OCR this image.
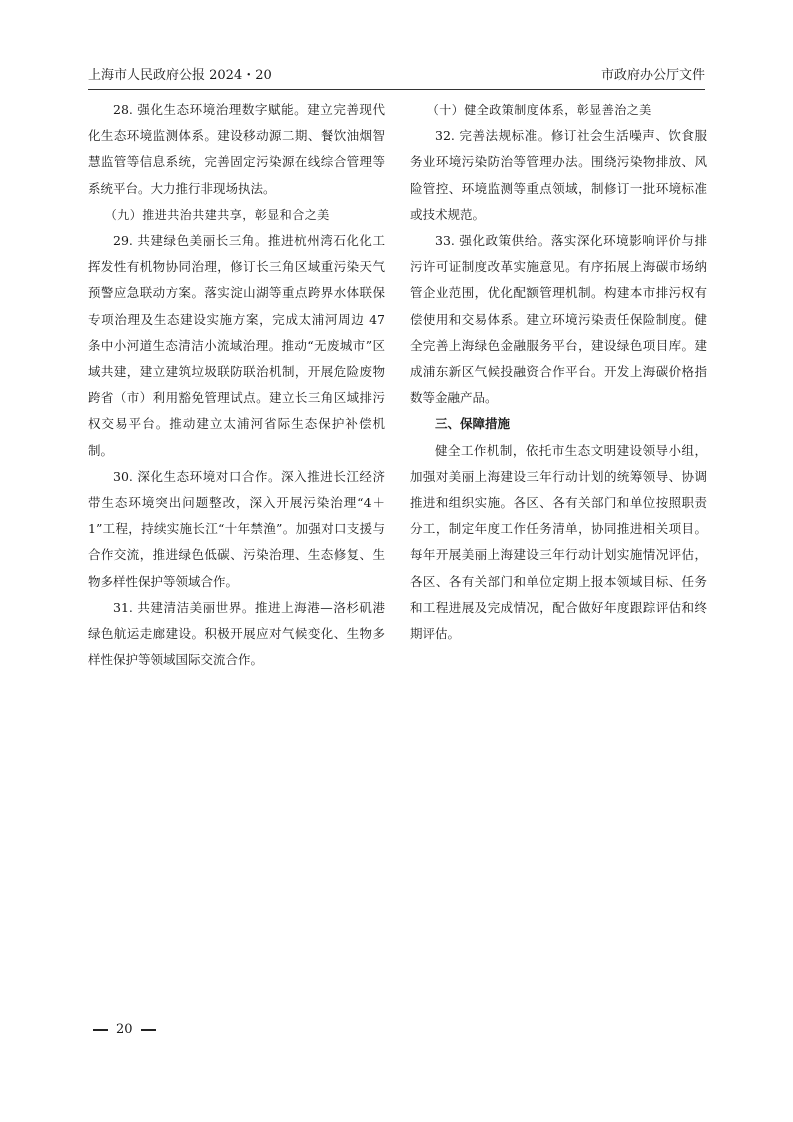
上海市人民政府公报 2024・20	市政府办公厅文件

28. 强化生态环境治理数字赋能。建立完善现代化生态环境监测体系。建设移动源二期、餐饮油烟智慧监管等信息系统，完善固定污染源在线综合管理等系统平台。大力推行非现场执法。

（九）推进共治共建共享，彰显和合之美

29. 共建绿色美丽长三角。推进杭州湾石化化工挥发性有机物协同治理，修订长三角区域重污染天气预警应急联动方案。落实淀山湖等重点跨界水体联保专项治理及生态建设实施方案，完成太浦河周边 47 条中小河道生态清洁小流域治理。推动“无废城市”区域共建，建立建筑垃圾联防联治机制，开展危险废物跨省（市）利用豁免管理试点。建立长三角区域排污权交易平台。推动建立太浦河省际生态保护补偿机制。

30. 深化生态环境对口合作。深入推进长江经济带生态环境突出问题整改，深入开展污染治理“4＋1”工程，持续实施长江“十年禁渔”。加强对口支援与合作交流，推进绿色低碳、污染治理、生态修复、生物多样性保护等领域合作。

31. 共建清洁美丽世界。推进上海港—洛杉矶港绿色航运走廊建设。积极开展应对气候变化、生物多样性保护等领域国际交流合作。

（十）健全政策制度体系，彰显善治之美

32. 完善法规标准。修订社会生活噪声、饮食服务业环境污染防治等管理办法。围绕污染物排放、风险管控、环境监测等重点领域，制修订一批环境标准或技术规范。

33. 强化政策供给。落实深化环境影响评价与排污许可证制度改革实施意见。有序拓展上海碳市场纳管企业范围，优化配额管理机制。构建本市排污权有偿使用和交易体系。建立环境污染责任保险制度。健全完善上海绿色金融服务平台，建设绿色项目库。建成浦东新区气候投融资合作平台。开发上海碳价格指数等金融产品。

三、保障措施

健全工作机制，依托市生态文明建设领导小组，加强对美丽上海建设三年行动计划的统筹领导、协调推进和组织实施。各区、各有关部门和单位按照职责分工，制定年度工作任务清单，协同推进相关项目。每年开展美丽上海建设三年行动计划实施情况评估，各区、各有关部门和单位定期上报本领域目标、任务和工程进展及完成情况，配合做好年度跟踪评估和终期评估。

20
